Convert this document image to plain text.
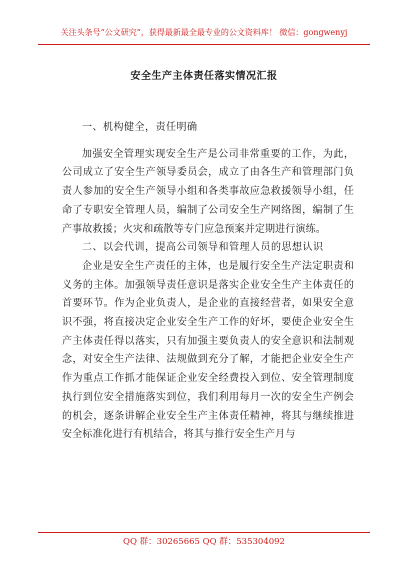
关注头条号“公文研究”，获得最新最全最专业的公文资料库！ 微信：gongwenyj
安全生产主体责任落实情况汇报

一、机构健全，责任明确

加强安全管理实现安全生产是公司非常重要的工作，为此，公司成立了安全生产领导委员会，成立了由各生产和管理部门负责人参加的安全生产领导小组和各类事故应急救援领导小组，任命了专职安全管理人员，编制了公司安全生产网络图，编制了生产事故救援；火灾和疏散等专门应急预案并定期进行演练。

二、以会代训，提高公司领导和管理人员的思想认识

企业是安全生产责任的主体，也是履行安全生产法定职责和义务的主体。加强领导责任意识是落实企业安全生产主体责任的首要环节。作为企业负责人，是企业的直接经营者，如果安全意识不强，将直接决定企业安全生产工作的好坏，要使企业安全生产主体责任得以落实，只有加强主要负责人的安全意识和法制观念，对安全生产法律、法规做到充分了解，才能把企业安全生产作为重点工作抓才能保证企业安全经费投入到位、安全管理制度执行到位安全措施落实到位，我们利用每月一次的安全生产例会的机会，逐条讲解企业安全生产主体责任精神，将其与继续推进安全标准化进行有机结合，将其与推行安全生产月与

QQ 群：30265665 QQ 群：535304092
